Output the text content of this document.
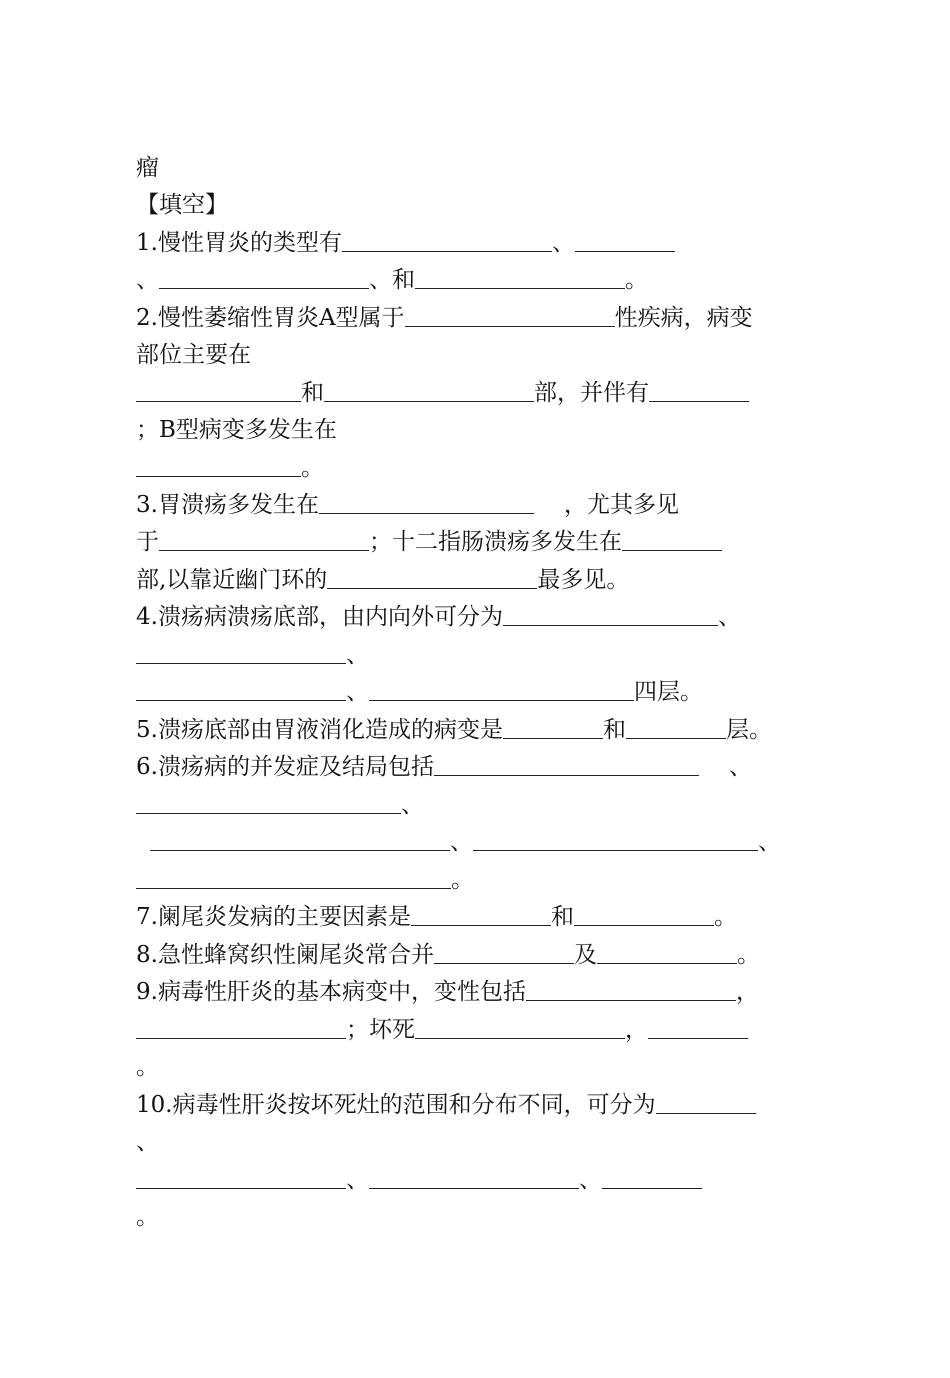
瘤
【填空】
1.慢性胃炎的类型有	、
、	、和	。
2.慢性萎缩性胃炎A型属于	性疾病，病变
部位主要在
和	部，并伴有
；B型病变多发生在
。
3.胃溃疡多发生在	，尤其多见
于	；十二指肠溃疡多发生在
部,以靠近幽门环的	最多见。
4.溃疡病溃疡底部，由内向外可分为	、
、
、	四层。
5.溃疡底部由胃液消化造成的病变是	和	层。
6.溃疡病的并发症及结局包括	、
、
、	、
。
7.阑尾炎发病的主要因素是	和	。
8.急性蜂窝织性阑尾炎常合并	及	。
9.病毒性肝炎的基本病变中，变性包括	，
；坏死	，
。
10.病毒性肝炎按坏死灶的范围和分布不同，可分为
、
、	、
。
